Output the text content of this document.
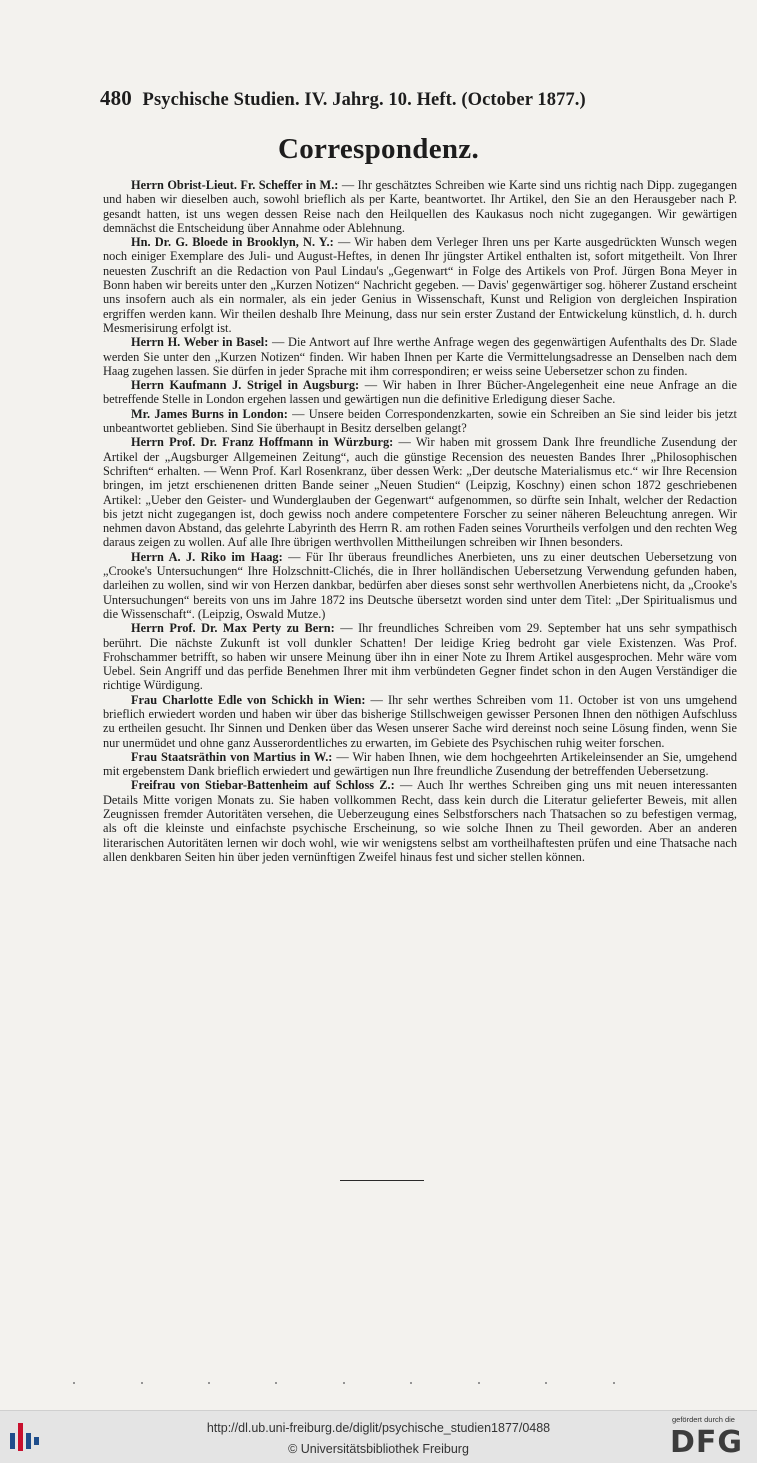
480 Psychische Studien. IV. Jahrg. 10. Heft. (October 1877.)
Correspondenz.

Herrn Obrist-Lieut. Fr. Scheffer in M.: — Ihr geschätztes Schreiben wie Karte sind uns richtig nach Dipp. zugegangen und haben wir dieselben auch, sowohl brieflich als per Karte, beantwortet. Ihr Artikel, den Sie an den Herausgeber nach P. gesandt hatten, ist uns wegen dessen Reise nach den Heilquellen des Kaukasus noch nicht zugegangen. Wir gewärtigen demnächst die Entscheidung über Annahme oder Ablehnung.

Hn. Dr. G. Bloede in Brooklyn, N. Y.: — Wir haben dem Verleger Ihren uns per Karte ausgedrückten Wunsch wegen noch einiger Exemplare des Juli- und August-Heftes, in denen Ihr jüngster Artikel enthalten ist, sofort mitgetheilt. Von Ihrer neuesten Zuschrift an die Redaction von Paul Lindau's „Gegenwart“ in Folge des Artikels von Prof. Jürgen Bona Meyer in Bonn haben wir bereits unter den „Kurzen Notizen“ Nachricht gegeben. — Davis' gegenwärtiger sog. höherer Zustand erscheint uns insofern auch als ein normaler, als ein jeder Genius in Wissenschaft, Kunst und Religion von dergleichen Inspiration ergriffen werden kann. Wir theilen deshalb Ihre Meinung, dass nur sein erster Zustand der Entwickelung künstlich, d. h. durch Mesmerisirung erfolgt ist.

Herrn H. Weber in Basel: — Die Antwort auf Ihre werthe Anfrage wegen des gegenwärtigen Aufenthalts des Dr. Slade werden Sie unter den „Kurzen Notizen“ finden. Wir haben Ihnen per Karte die Vermittelungsadresse an Denselben nach dem Haag zugehen lassen. Sie dürfen in jeder Sprache mit ihm correspondiren; er weiss seine Uebersetzer schon zu finden.

Herrn Kaufmann J. Strigel in Augsburg: — Wir haben in Ihrer Bücher-Angelegenheit eine neue Anfrage an die betreffende Stelle in London ergehen lassen und gewärtigen nun die definitive Erledigung dieser Sache.

Mr. James Burns in London: — Unsere beiden Correspondenzkarten, sowie ein Schreiben an Sie sind leider bis jetzt unbeantwortet geblieben. Sind Sie überhaupt in Besitz derselben gelangt?

Herrn Prof. Dr. Franz Hoffmann in Würzburg: — Wir haben mit grossem Dank Ihre freundliche Zusendung der Artikel der „Augsburger Allgemeinen Zeitung“, auch die günstige Recension des neuesten Bandes Ihrer „Philosophischen Schriften“ erhalten. — Wenn Prof. Karl Rosenkranz, über dessen Werk: „Der deutsche Materialismus etc.“ wir Ihre Recension bringen, im jetzt erschienenen dritten Bande seiner „Neuen Studien“ (Leipzig, Koschny) einen schon 1872 geschriebenen Artikel: „Ueber den Geister- und Wunderglauben der Gegenwart“ aufgenommen, so dürfte sein Inhalt, welcher der Redaction bis jetzt nicht zugegangen ist, doch gewiss noch andere competentere Forscher zu seiner näheren Beleuchtung anregen. Wir nehmen davon Abstand, das gelehrte Labyrinth des Herrn R. am rothen Faden seines Vorurtheils verfolgen und den rechten Weg daraus zeigen zu wollen. Auf alle Ihre übrigen werthvollen Mittheilungen schreiben wir Ihnen besonders.

Herrn A. J. Riko im Haag: — Für Ihr überaus freundliches Anerbieten, uns zu einer deutschen Uebersetzung von „Crooke's Untersuchungen“ Ihre Holzschnitt-Clichés, die in Ihrer holländischen Uebersetzung Verwendung gefunden haben, darleihen zu wollen, sind wir von Herzen dankbar, bedürfen aber dieses sonst sehr werthvollen Anerbietens nicht, da „Crooke's Untersuchungen“ bereits von uns im Jahre 1872 ins Deutsche übersetzt worden sind unter dem Titel: „Der Spiritualismus und die Wissenschaft“. (Leipzig, Oswald Mutze.)

Herrn Prof. Dr. Max Perty zu Bern: — Ihr freundliches Schreiben vom 29. September hat uns sehr sympathisch berührt. Die nächste Zukunft ist voll dunkler Schatten! Der leidige Krieg bedroht gar viele Existenzen. Was Prof. Frohschammer betrifft, so haben wir unsere Meinung über ihn in einer Note zu Ihrem Artikel ausgesprochen. Mehr wäre vom Uebel. Sein Angriff und das perfide Benehmen Ihrer mit ihm verbündeten Gegner findet schon in den Augen Verständiger die richtige Würdigung.

Frau Charlotte Edle von Schickh in Wien: — Ihr sehr werthes Schreiben vom 11. October ist von uns umgehend brieflich erwiedert worden und haben wir über das bisherige Stillschweigen gewisser Personen Ihnen den nöthigen Aufschluss zu ertheilen gesucht. Ihr Sinnen und Denken über das Wesen unserer Sache wird dereinst noch seine Lösung finden, wenn Sie nur unermüdet und ohne ganz Ausserordentliches zu erwarten, im Gebiete des Psychischen ruhig weiter forschen.

Frau Staatsräthin von Martius in W.: — Wir haben Ihnen, wie dem hochgeehrten Artikeleinsender an Sie, umgehend mit ergebenstem Dank brieflich erwiedert und gewärtigen nun Ihre freundliche Zusendung der betreffenden Uebersetzung.

Freifrau von Stiebar-Battenheim auf Schloss Z.: — Auch Ihr werthes Schreiben ging uns mit neuen interessanten Details Mitte vorigen Monats zu. Sie haben vollkommen Recht, dass kein durch die Literatur gelieferter Beweis, mit allen Zeugnissen fremder Autoritäten versehen, die Ueberzeugung eines Selbstforschers nach Thatsachen so zu befestigen vermag, als oft die kleinste und einfachste psychische Erscheinung, so wie solche Ihnen zu Theil geworden. Aber an anderen literarischen Autoritäten lernen wir doch wohl, wie wir wenigstens selbst am vortheilhaftesten prüfen und eine Thatsache nach allen denkbaren Seiten hin über jeden vernünftigen Zweifel hinaus fest und sicher stellen können.

http://dl.ub.uni-freiburg.de/diglit/psychische_studien1877/0488
© Universitätsbibliothek Freiburg
gefördert durch die
DFG
